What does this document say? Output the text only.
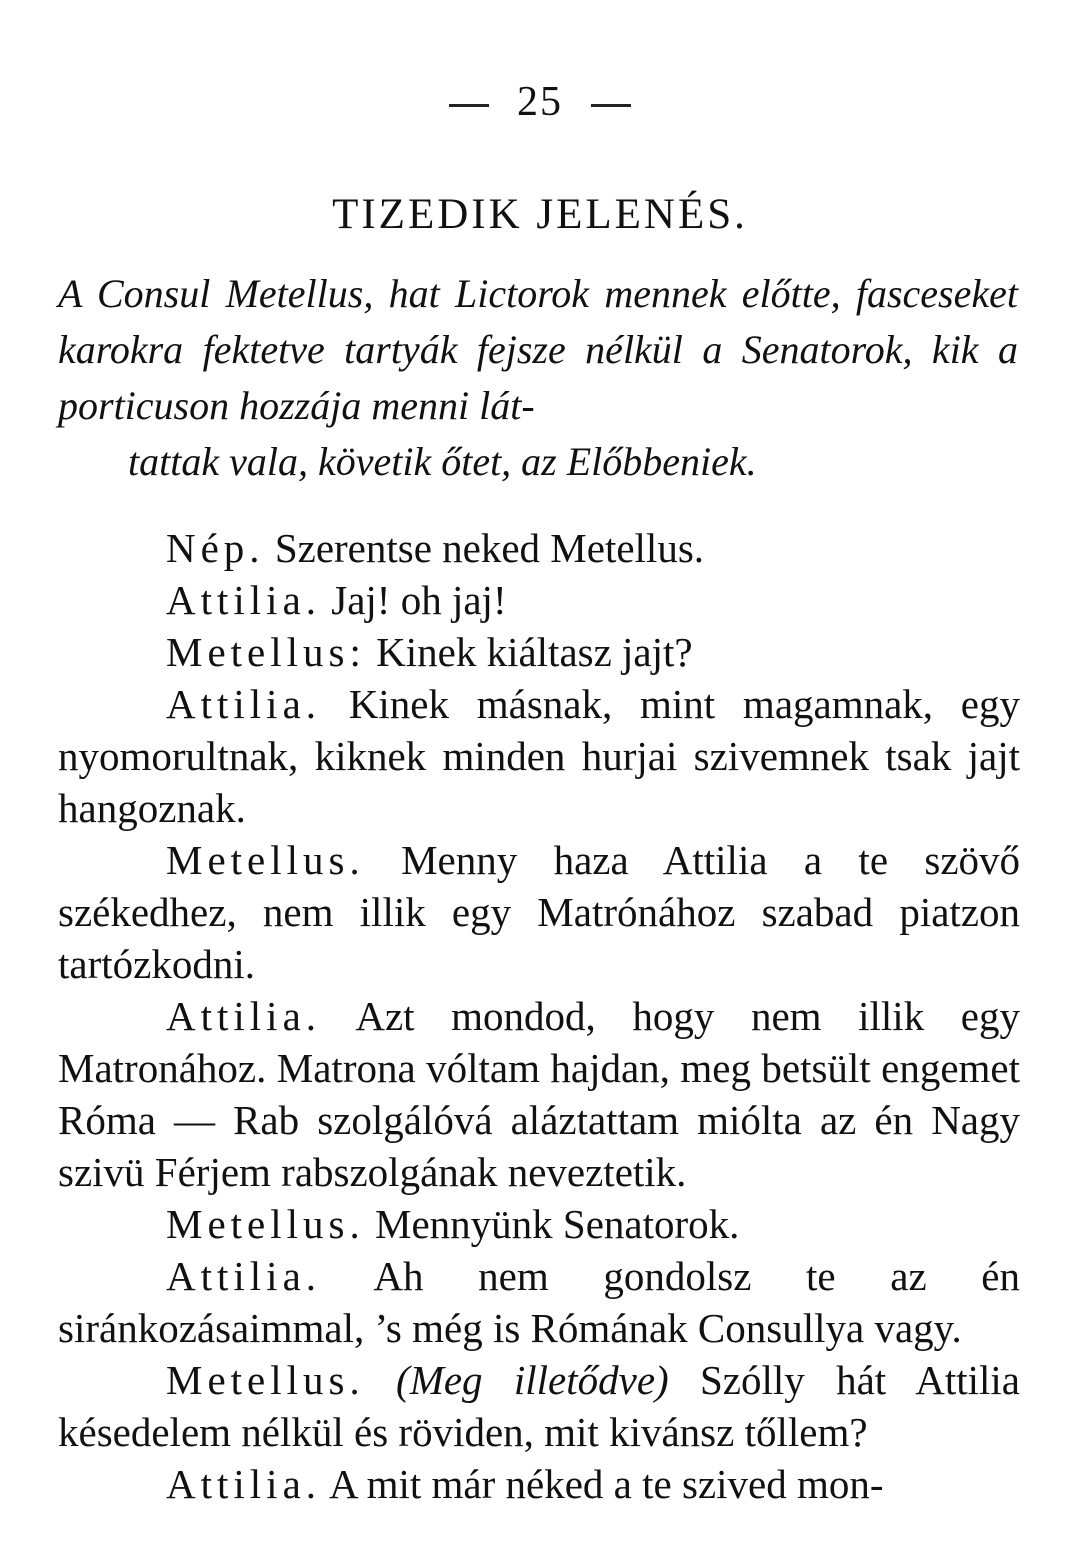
25
TIZEDIK JELENÉS.
A Consul Metellus, hat Lictorok mennek előtte, fasceseket karokra fektetve tartyák fejsze nélkül a Senatorok, kik a porticuson hozzája menni lát-
tattak vala, követik őtet, az Előbbeniek.
Nép. Szerentse neked Metellus.
Attilia. Jaj! oh jaj!
Metellus: Kinek kiáltasz jajt?
Attilia. Kinek másnak, mint magamnak, egy nyomorultnak, kiknek minden hurjai szivemnek tsak jajt hangoznak.
Metellus. Menny haza Attilia a te szövő székedhez, nem illik egy Matrónához szabad piatzon tartózkodni.
Attilia. Azt mondod, hogy nem illik egy Matronához. Matrona vóltam hajdan, meg betsült engemet Róma — Rab szolgálóvá aláztattam miólta az én Nagy szivü Férjem rabszolgának neveztetik.
Metellus. Mennyünk Senatorok.
Attilia. Ah nem gondolsz te az én siránkozásaimmal, ’s még is Rómának Consullya vagy.
Metellus. (Meg illetődve) Szólly hát Attilia késedelem nélkül és röviden, mit kivánsz tőllem?
Attilia. A mit már néked a te szived mon-
